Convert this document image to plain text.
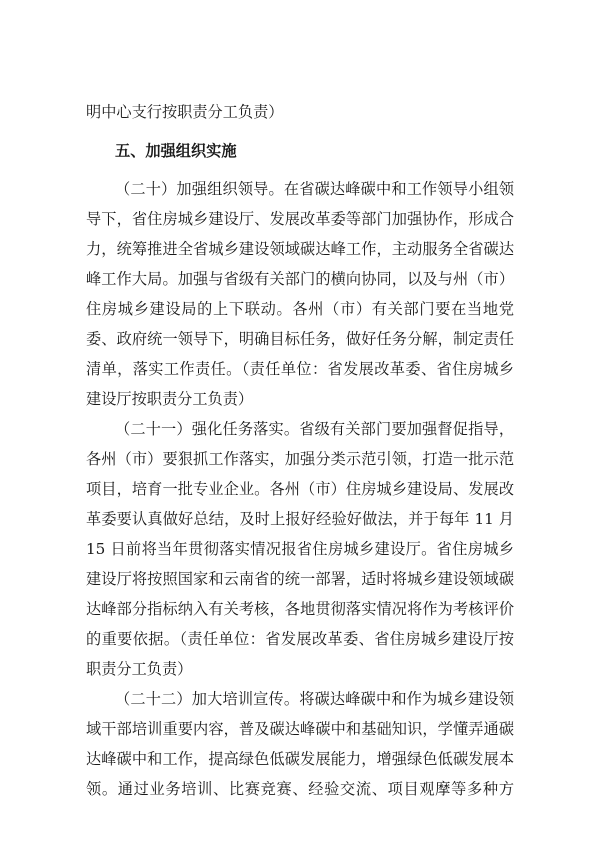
明中心支行按职责分工负责）
五、加强组织实施
（二十）加强组织领导。在省碳达峰碳中和工作领导小组领
导下，省住房城乡建设厅、发展改革委等部门加强协作，形成合
力，统筹推进全省城乡建设领域碳达峰工作，主动服务全省碳达
峰工作大局。加强与省级有关部门的横向协同，以及与州（市）
住房城乡建设局的上下联动。各州（市）有关部门要在当地党
委、政府统一领导下，明确目标任务，做好任务分解，制定责任
清单，落实工作责任。（责任单位：省发展改革委、省住房城乡
建设厅按职责分工负责）
（二十一）强化任务落实。省级有关部门要加强督促指导，
各州（市）要狠抓工作落实，加强分类示范引领，打造一批示范
项目，培育一批专业企业。各州（市）住房城乡建设局、发展改
革委要认真做好总结，及时上报好经验好做法，并于每年 11 月
15 日前将当年贯彻落实情况报省住房城乡建设厅。省住房城乡
建设厅将按照国家和云南省的统一部署，适时将城乡建设领域碳
达峰部分指标纳入有关考核，各地贯彻落实情况将作为考核评价
的重要依据。（责任单位：省发展改革委、省住房城乡建设厅按
职责分工负责）
（二十二）加大培训宣传。将碳达峰碳中和作为城乡建设领
域干部培训重要内容，普及碳达峰碳中和基础知识，学懂弄通碳
达峰碳中和工作，提高绿色低碳发展能力，增强绿色低碳发展本
领。通过业务培训、比赛竞赛、经验交流、项目观摩等多种方
